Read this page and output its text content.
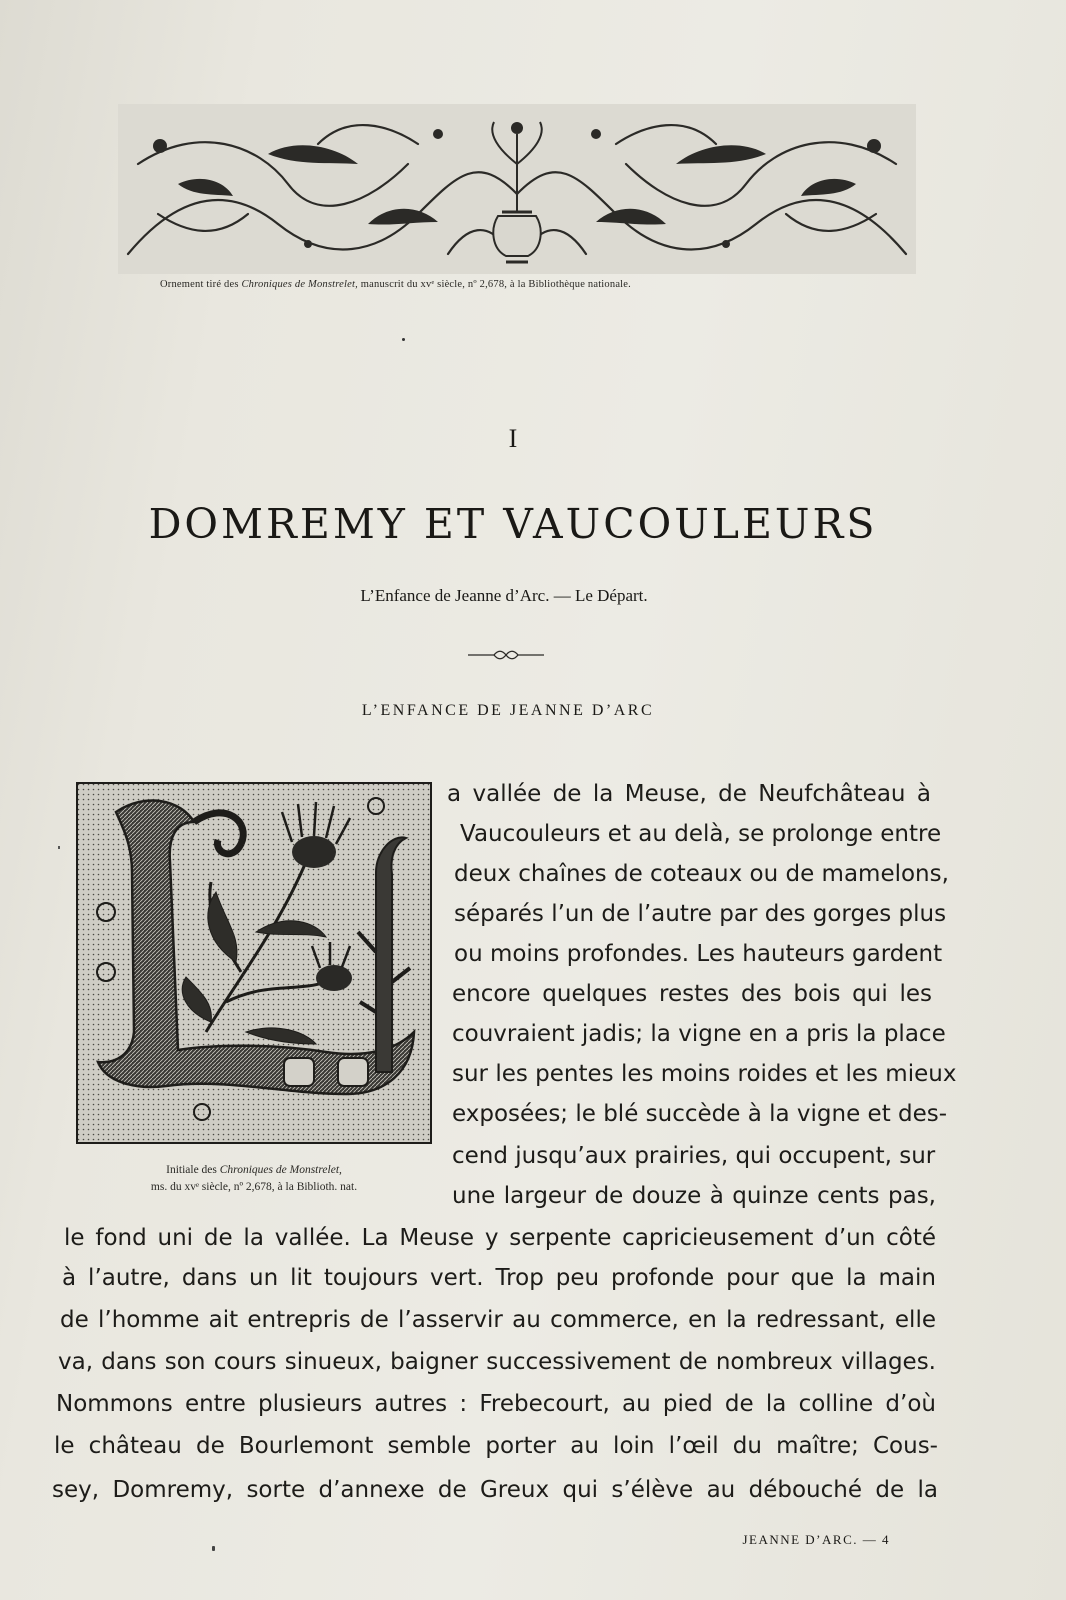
Ornement tiré des Chroniques de Monstrelet, manuscrit du xvᵉ siècle, nº 2,678, à la Bibliothèque nationale.
I
DOMREMY ET VAUCOULEURS
L’Enfance de Jeanne d’Arc. — Le Départ.
L’ENFANCE DE JEANNE D’ARC
Initiale des Chroniques de Monstrelet,
ms. du xvᵉ siècle, nº 2,678, à la Biblioth. nat.
a vallée de la Meuse, de Neufchâteau à
Vaucouleurs et au delà, se prolonge entre
deux chaînes de coteaux ou de mamelons,
séparés l’un de l’autre par des gorges plus
ou moins profondes. Les hauteurs gardent
encore quelques restes des bois qui les
couvraient jadis; la vigne en a pris la place
sur les pentes les moins roides et les mieux
exposées; le blé succède à la vigne et des-
cend jusqu’aux prairies, qui occupent, sur
une largeur de douze à quinze cents pas,
le fond uni de la vallée. La Meuse y serpente capricieusement d’un côté
à l’autre, dans un lit toujours vert. Trop peu profonde pour que la main
de l’homme ait entrepris de l’asservir au commerce, en la redressant, elle
va, dans son cours sinueux, baigner successivement de nombreux villages.
Nommons entre plusieurs autres : Frebecourt, au pied de la colline d’où
le château de Bourlemont semble porter au loin l’œil du maître; Cous-
sey, Domremy, sorte d’annexe de Greux qui s’élève au débouché de la
JEANNE D’ARC. — 4
